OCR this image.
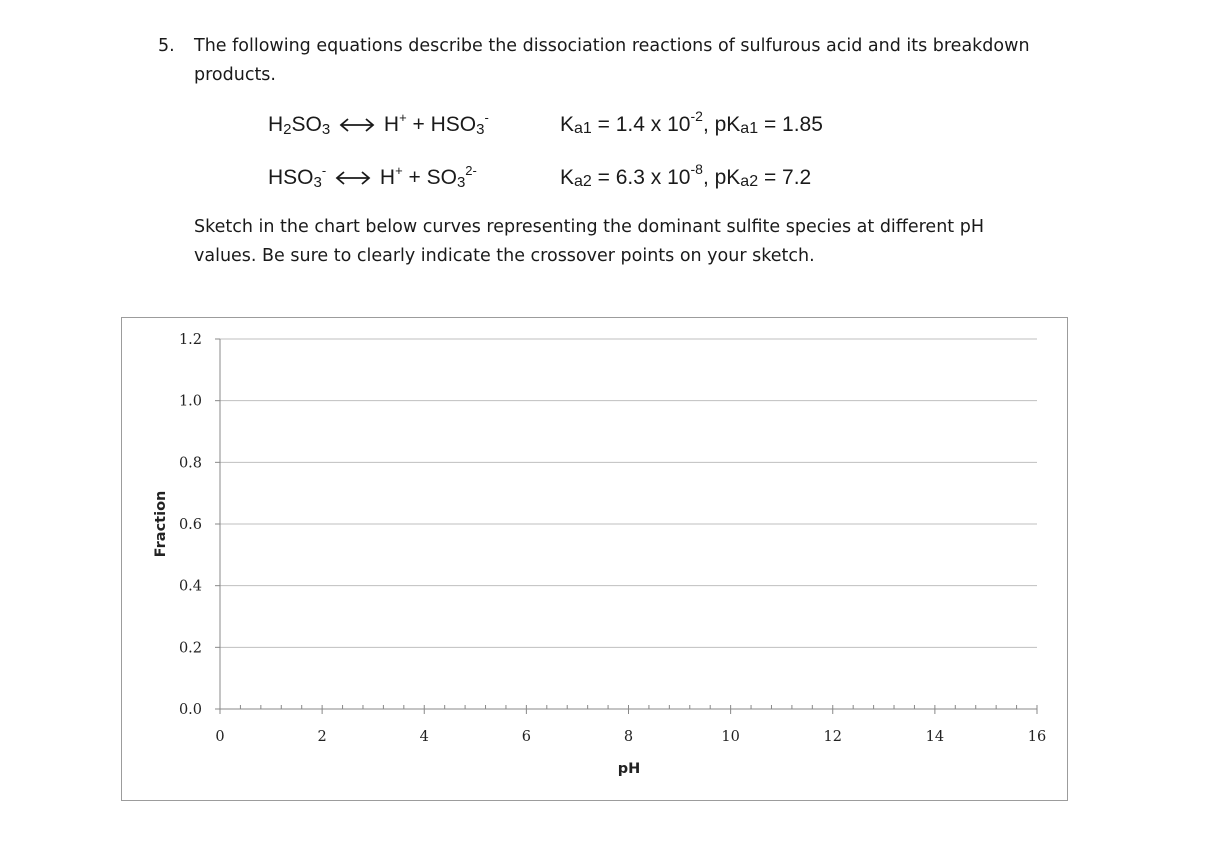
5. The following equations describe the dissociation reactions of sulfurous acid and its breakdown
products.
$H_2SO_3$	$H^+ + HSO_3^-$	Ka1 = 1.4 x $10^{-2}$, pKa1 = 1.85
$HSO_3^-$	$H^+ + SO_3^{2-}$	Ka2 = 6.3 x $10^{-8}$, pKa2 = 7.2
Sketch in the chart below curves representing the dominant sulfite species at different pH
values. Be sure to clearly indicate the crossover points on your sketch.
0.0
0.2
0.4
0.6
0.8
1.0
1.2
0	2	4	6	8	10	12	14	16
pH
Fraction
